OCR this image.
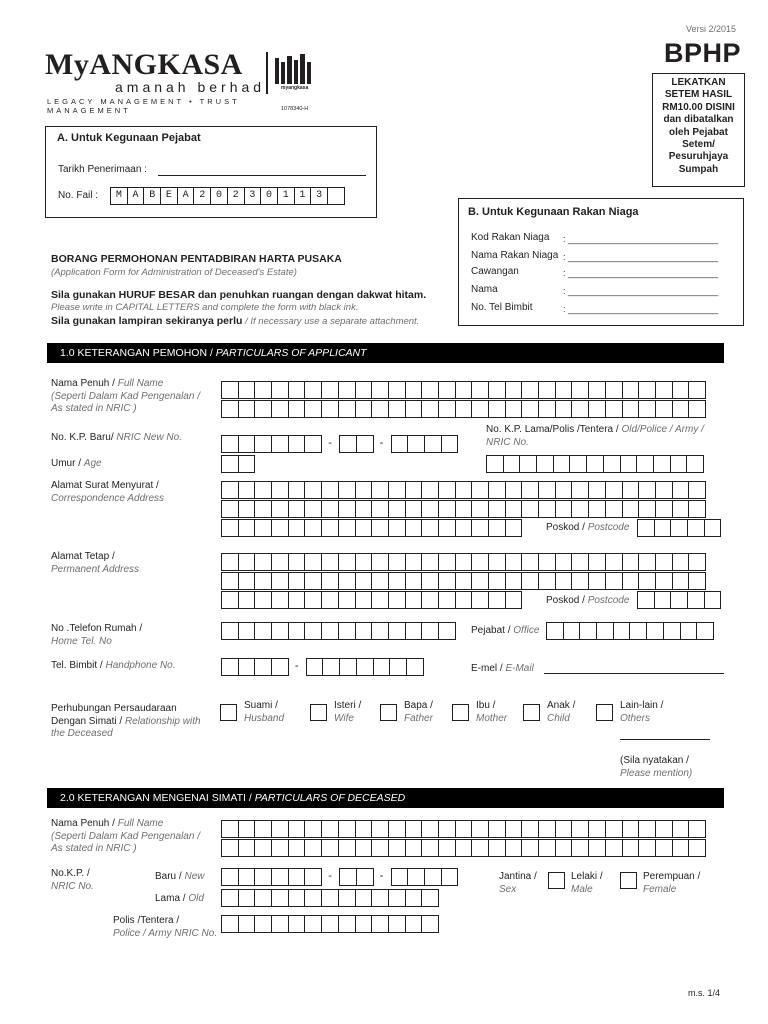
Versi 2/2015
BPHP
MyANGKASA
amanah berhad
LEGACY MANAGEMENT • TRUST MANAGEMENT	1078340-H
myangkasa	LEKATKAN SETEM HASIL RM10.00 DISINI dan dibatalkan oleh Pejabat Setem/ Pesuruhjaya Sumpah
A. Untuk Kegunaan Pejabat
Tarikh Penerimaan :
No. Fail :	M	A	B	E	A	2	0	2	3	0	1	1	3
B. Untuk Kegunaan Rakan Niaga
Kod Rakan Niaga : ______________________________
Nama Rakan Niaga : ______________________________
Cawangan	: ______________________________
Nama	: ______________________________
No. Tel Bimbit	: ______________________________
BORANG PERMOHONAN PENTADBIRAN HARTA PUSAKA
(Application Form for Administration of Deceased's Estate)
Sila gunakan HURUF BESAR dan penuhkan ruangan dengan dakwat hitam.
Please write in CAPITAL LETTERS and complete the form with black ink.
Sila gunakan lampiran sekiranya perlu / If necessary use a separate attachment.
1.0 KETERANGAN PEMOHON / PARTICULARS OF APPLICANT
Nama Penuh / Full Name
(Seperti Dalam Kad Pengenalan /
As stated in NRIC )
No. K.P. Baru/ NRIC New No.	-	-
No. K.P. Lama/Polis /Tentera / Old/Police / Army / NRIC No.
Umur / Age
Alamat Surat Menyurat /
Correspondence Address
Poskod / Postcode
Alamat Tetap /
Permanent Address
Poskod / Postcode
No .Telefon Rumah /
Home Tel. No
Pejabat / Office
Tel. Bimbit / Handphone No.	-	E-mel / E-Mail
Perhubungan Persaudaraan
Dengan Simati / Relationship with
the Deceased
Suami /
Husband
Isteri /
Wife
Bapa /
Father
Ibu /
Mother
Anak /
Child
Lain-lain /
Others
(Sila nyatakan /
Please mention)
2.0 KETERANGAN MENGENAI SIMATI / PARTICULARS OF DECEASED
Nama Penuh / Full Name
(Seperti Dalam Kad Pengenalan /
As stated in NRIC )
No.K.P. /
NRIC No.
Baru / New	-	-
Lama / Old
Jantina /
Sex
Lelaki /
Male
Perempuan /
Female
Polis /Tentera /
Police / Army NRIC No.
m.s. 1/4
